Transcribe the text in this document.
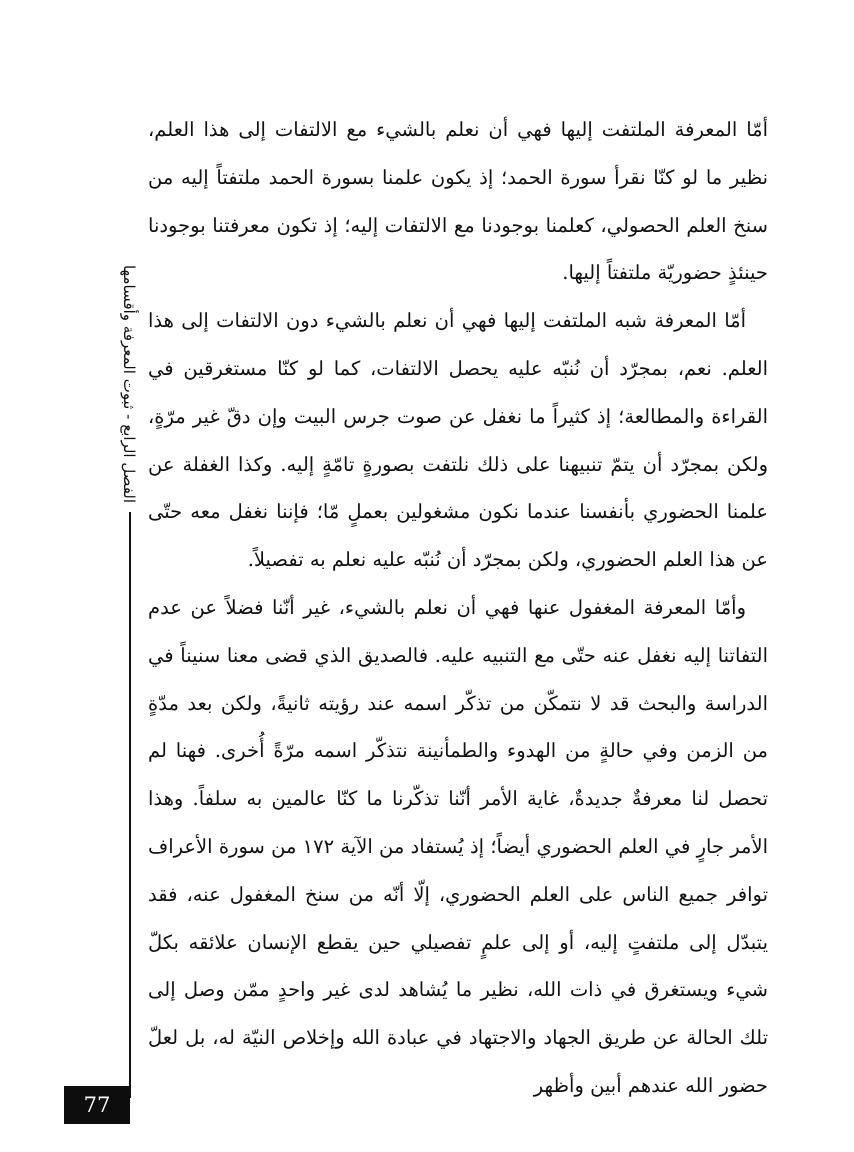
أمّا المعرفة الملتفت إليها فهي أن نعلم بالشيء مع الالتفات إلى هذا العلم، نظير ما لو كنّا نقرأ سورة الحمد؛ إذ يكون علمنا بسورة الحمد ملتفتاً إليه من سنخ العلم الحصولي، كعلمنا بوجودنا مع الالتفات إليه؛ إذ تكون معرفتنا بوجودنا حينئذٍ حضوريّة ملتفتاً إليها.

أمّا المعرفة شبه الملتفت إليها فهي أن نعلم بالشيء دون الالتفات إلى هذا العلم. نعم، بمجرّد أن نُنبّه عليه يحصل الالتفات، كما لو كنّا مستغرقين في القراءة والمطالعة؛ إذ كثيراً ما نغفل عن صوت جرس البيت وإن دقّ غير مرّةٍ، ولكن بمجرّد أن يتمّ تنبيهنا على ذلك نلتفت بصورةٍ تامّةٍ إليه. وكذا الغفلة عن علمنا الحضوري بأنفسنا عندما نكون مشغولين بعملٍ مّا؛ فإننا نغفل معه حتّى عن هذا العلم الحضوري، ولكن بمجرّد أن نُنبّه عليه نعلم به تفصيلاً.

وأمّا المعرفة المغفول عنها فهي أن نعلم بالشيء، غير أنّنا فضلاً عن عدم التفاتنا إليه نغفل عنه حتّى مع التنبيه عليه. فالصديق الذي قضى معنا سنيناً في الدراسة والبحث قد لا نتمكّن من تذكّر اسمه عند رؤيته ثانيةً، ولكن بعد مدّةٍ من الزمن وفي حالةٍ من الهدوء والطمأنينة نتذكّر اسمه مرّةً أُخرى. فهنا لم تحصل لنا معرفةٌ جديدةٌ، غاية الأمر أنّنا تذكّرنا ما كنّا عالمين به سلفاً. وهذا الأمر جارٍ في العلم الحضوري أيضاً؛ إذ يُستفاد من الآية ١٧٢ من سورة الأعراف توافر جميع الناس على العلم الحضوري، إلّا أنّه من سنخ المغفول عنه، فقد يتبدّل إلى ملتفتٍ إليه، أو إلى علمٍ تفصيلي حين يقطع الإنسان علائقه بكلّ شيء ويستغرق في ذات الله، نظير ما يُشاهد لدى غير واحدٍ ممّن وصل إلى تلك الحالة عن طريق الجهاد والاجتهاد في عبادة الله وإخلاص النيّة له، بل لعلّ حضور الله عندهم أبين وأظهر

الفصل الرابع - ثبوت المعرفة وأقسامها
77
